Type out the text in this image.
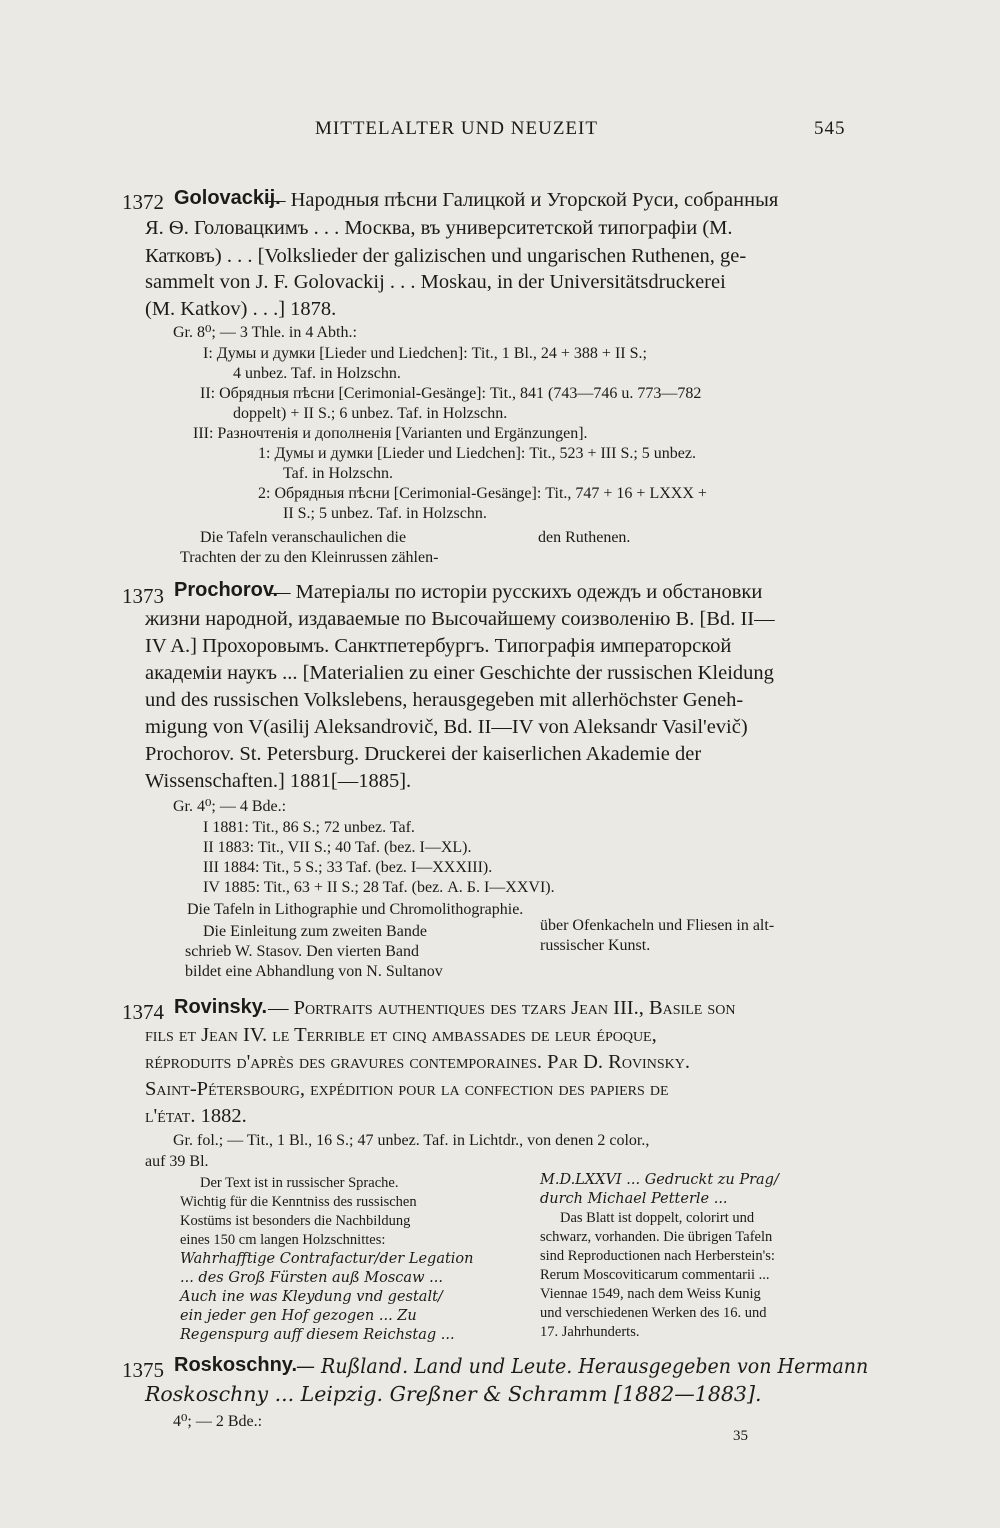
MITTELALTER UND NEUZEIT	545
1372 Golovackij.
— Народныя пѣсни Галицкой и Угорской Руси, собранныя
Я. Ѳ. Головацкимъ . . . Москва, въ университетской типографіи (М.
Катковъ) . . . [Volkslieder der galizischen und ungarischen Ruthenen, ge-
sammelt von J. F. Golovackij . . . Moskau, in der Universitätsdruckerei
(M. Katkov) . . .] 1878.
Gr. 8⁰; — 3 Thle. in 4 Abth.:
I: Думы и думки [Lieder und Liedchen]: Tit., 1 Bl., 24 + 388 + II S.;
4 unbez. Taf. in Holzschn.
II: Обрядныя пѣсни [Cerimonial-Gesänge]: Tit., 841 (743—746 u. 773—782
doppelt) + II S.; 6 unbez. Taf. in Holzschn.
III: Разночтенія и дополненія [Varianten und Ergänzungen].
1: Думы и думки [Lieder und Liedchen]: Tit., 523 + III S.; 5 unbez.
Taf. in Holzschn.
2: Обрядныя пѣсни [Cerimonial-Gesänge]: Tit., 747 + 16 + LXXX +
II S.; 5 unbez. Taf. in Holzschn.
Die Tafeln veranschaulichen die
Trachten der zu den Kleinrussen zählen-
den Ruthenen.
1373 Prochorov.
— Матеріалы по исторіи русскихъ одеждъ и обстановки
жизни народной, издаваемые по Высочайшему соизволенію В. [Bd. II—
IV A.] Прохоровымъ. Санктпетербургъ. Типографія императорской
академіи наукъ ... [Materialien zu einer Geschichte der russischen Kleidung
und des russischen Volkslebens, herausgegeben mit allerhöchster Geneh-
migung von V(asilij Aleksandrovič, Bd. II—IV von Aleksandr Vasil'evič)
Prochorov. St. Petersburg. Druckerei der kaiserlichen Akademie der
Wissenschaften.] 1881[—1885].
Gr. 4⁰; — 4 Bde.:
I 1881: Tit., 86 S.; 72 unbez. Taf.
II 1883: Tit., VII S.; 40 Taf. (bez. I—XL).
III 1884: Tit., 5 S.; 33 Taf. (bez. I—XXXIII).
IV 1885: Tit., 63 + II S.; 28 Taf. (bez. А. Б. I—XXVI).
Die Tafeln in Lithographie und Chromolithographie.
Die Einleitung zum zweiten Bande
schrieb W. Stasov. Den vierten Band
bildet eine Abhandlung von N. Sultanov
über Ofenkacheln und Fliesen in alt-
russischer Kunst.
1374 Rovinsky. — Portraits authentiques des tzars Jean III., Basile son
fils et Jean IV. le Terrible et cinq ambassades de leur époque,
réproduits d'après des gravures contemporaines. Par D. Rovinsky.
Saint-Pétersbourg, expédition pour la confection des papiers de
l'état. 1882.
Gr. fol.; — Tit., 1 Bl., 16 S.; 47 unbez. Taf. in Lichtdr., von denen 2 color.,
auf 39 Bl.
Der Text ist in russischer Sprache.
Wichtig für die Kenntniss des russischen
Kostüms ist besonders die Nachbildung
eines 150 cm langen Holzschnittes:
Wahrhafftige Contrafactur/der Legation
... des Groß Fürsten auß Moscaw ...
Auch ine was Kleydung vnd gestalt/
ein jeder gen Hof gezogen ... Zu
Regenspurg auff diesem Reichstag ...
M.D.LXXVI ... Gedruckt zu Prag/
durch Michael Petterle ...
Das Blatt ist doppelt, colorirt und
schwarz, vorhanden. Die übrigen Tafeln
sind Reproductionen nach Herberstein's:
Rerum Moscoviticarum commentarii ...
Viennae 1549, nach dem Weiss Kunig
und verschiedenen Werken des 16. und
17. Jahrhunderts.
1375 Roskoschny. — Rußland. Land und Leute. Herausgegeben von Hermann
Roskoschny ... Leipzig. Greßner & Schramm [1882—1883].
4⁰; — 2 Bde.:
35
